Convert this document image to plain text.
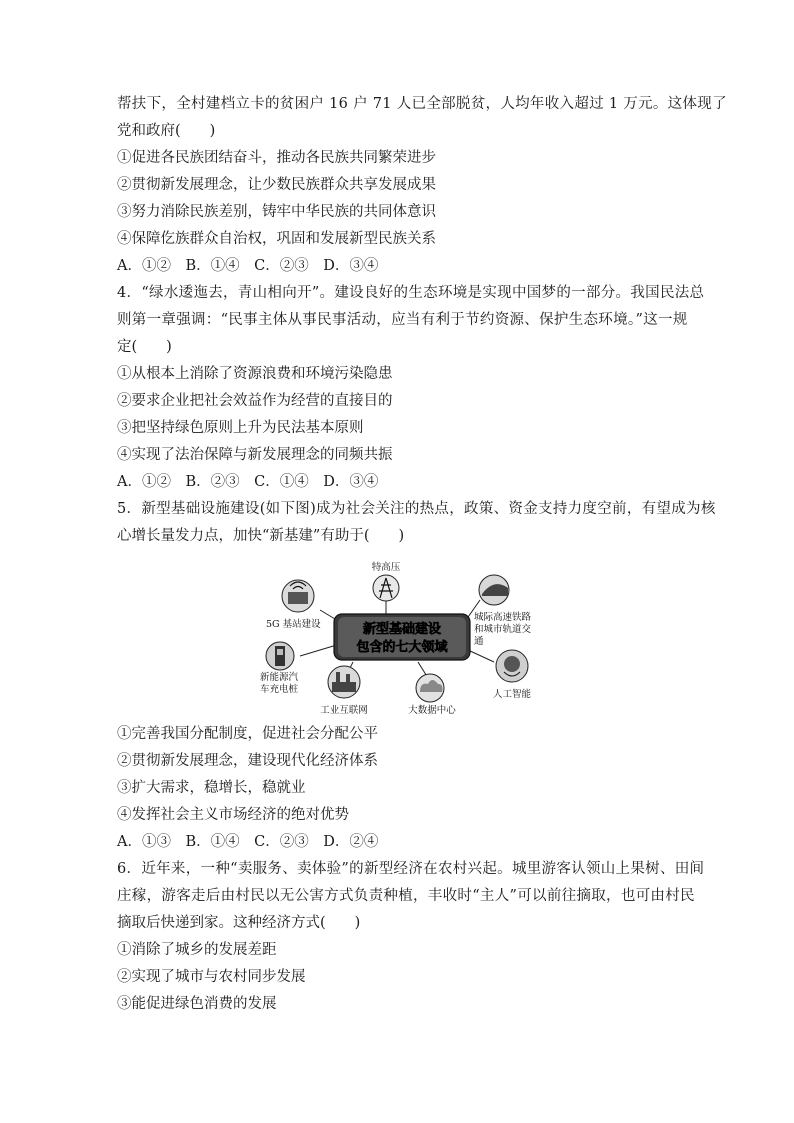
帮扶下，全村建档立卡的贫困户 16 户 71 人已全部脱贫，人均年收入超过 1 万元。这体现了
党和政府(　　)
①促进各民族团结奋斗，推动各民族共同繁荣进步
②贯彻新发展理念，让少数民族群众共享发展成果
③努力消除民族差别，铸牢中华民族的共同体意识
④保障仡族群众自治权，巩固和发展新型民族关系
A．①②　B．①④　C．②③　D．③④
4．“绿水逶迤去，青山相向开”。建设良好的生态环境是实现中国梦的一部分。我国民法总
则第一章强调：“民事主体从事民事活动，应当有利于节约资源、保护生态环境。”这一规
定(　　)
①从根本上消除了资源浪费和环境污染隐患
②要求企业把社会效益作为经营的直接目的
③把坚持绿色原则上升为民法基本原则
④实现了法治保障与新发展理念的同频共振
A．①②　B．②③　C．①④　D．③④
5．新型基础设施建设(如下图)成为社会关注的热点，政策、资金支持力度空前，有望成为核
心增长量发力点，加快“新基建”有助于(　　)
新型基础建设
包含的七大领域
特高压
5G 基站建设
城际高速铁路
和城市轨道交
通
新能源汽
车充电桩
工业互联网	大数据中心
人工智能
①完善我国分配制度，促进社会分配公平
②贯彻新发展理念，建设现代化经济体系
③扩大需求，稳增长，稳就业
④发挥社会主义市场经济的绝对优势
A．①③　B．①④　C．②③　D．②④
6．近年来，一种“卖服务、卖体验”的新型经济在农村兴起。城里游客认领山上果树、田间
庄稼，游客走后由村民以无公害方式负责种植，丰收时“主人”可以前往摘取，也可由村民
摘取后快递到家。这种经济方式(　　)
①消除了城乡的发展差距
②实现了城市与农村同步发展
③能促进绿色消费的发展
